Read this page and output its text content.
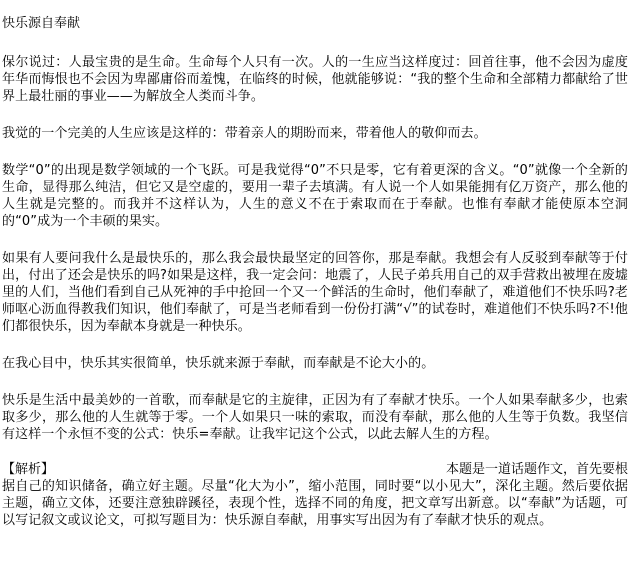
快乐源自奉献

保尔说过：人最宝贵的是生命。生命每个人只有一次。人的一生应当这样度过：回首往事，他不会因为虚度年华而悔恨也不会因为卑鄙庸俗而羞愧，在临终的时候，他就能够说：“我的整个生命和全部精力都献给了世界上最壮丽的事业——为解放全人类而斗争。

我觉的一个完美的人生应该是这样的：带着亲人的期盼而来，带着他人的敬仰而去。

数学“0”的出现是数学领域的一个飞跃。可是我觉得“0”不只是零，它有着更深的含义。“0”就像一个全新的生命，显得那么纯洁，但它又是空虚的，要用一辈子去填满。有人说一个人如果能拥有亿万资产，那么他的人生就是完整的。而我并不这样认为，人生的意义不在于索取而在于奉献。也惟有奉献才能使原本空洞的“0”成为一个丰硕的果实。

如果有人要问我什么是最快乐的，那么我会最快最坚定的回答你，那是奉献。我想会有人反驳到奉献等于付出，付出了还会是快乐的吗?如果是这样，我一定会问：地震了，人民子弟兵用自己的双手营救出被埋在废墟里的人们，当他们看到自己从死神的手中抢回一个又一个鲜活的生命时，他们奉献了，难道他们不快乐吗?老师呕心沥血得教我们知识，他们奉献了，可是当老师看到一份份打满“√”的试卷时，难道他们不快乐吗?不!他们都很快乐，因为奉献本身就是一种快乐。

在我心目中，快乐其实很简单，快乐就来源于奉献，而奉献是不论大小的。

快乐是生活中最美妙的一首歌，而奉献是它的主旋律，正因为有了奉献才快乐。一个人如果奉献多少，也索取多少，那么他的人生就等于零。一个人如果只一味的索取，而没有奉献，那么他的人生等于负数。我坚信有这样一个永恒不变的公式：快乐=奉献。让我牢记这个公式，以此去解人生的方程。

【解析】	本题是一道话题作文，首先要根

据自己的知识储备，确立好主题。尽量“化大为小”，缩小范围，同时要“以小见大”，深化主题。然后要依据主题，确立文体，还要注意独辟蹊径，表现个性，选择不同的角度，把文章写出新意。以“奉献”为话题，可以写记叙文或议论文，可拟写题目为：快乐源自奉献，用事实写出因为有了奉献才快乐的观点。
